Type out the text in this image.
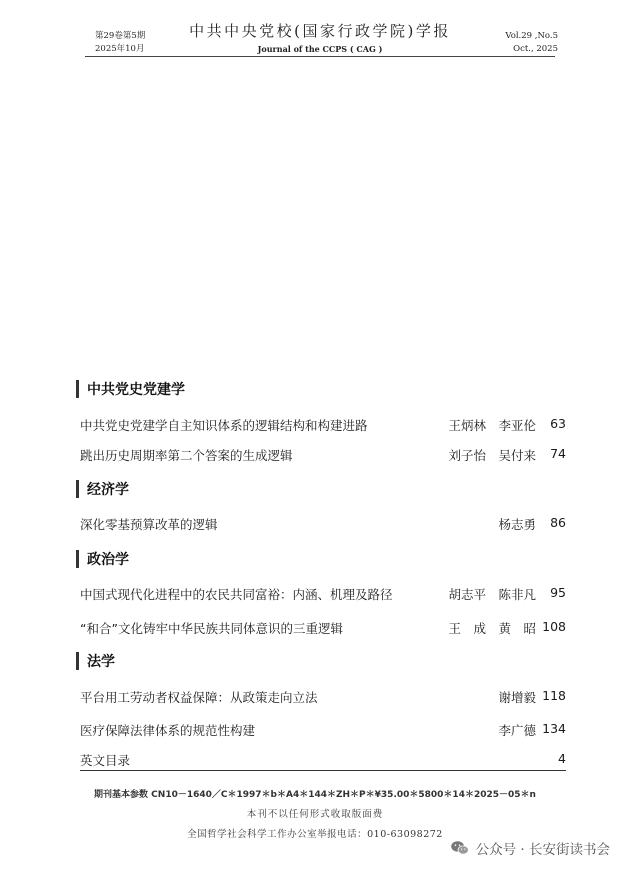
第29卷第5期
2025年10月
中共中央党校(国家行政学院)学报
Journal of the CCPS ( CAG )
Vol.29 ,No.5
Oct., 2025
中共党史党建学
中共党史党建学自主知识体系的逻辑结构和构建进路	王炳林　李亚伦 63
跳出历史周期率第二个答案的生成逻辑	刘子怡　吴付来 74
经济学
深化零基预算改革的逻辑	杨志勇 86
政治学
中国式现代化进程中的农民共同富裕：内涵、机理及路径	胡志平　陈非凡 95
“和合”文化铸牢中华民族共同体意识的三重逻辑	王　成　黄　昭 108
法学
平台用工劳动者权益保障：从政策走向立法	谢增毅 118
医疗保障法律体系的规范性构建	李广德 134
英文目录	4
期刊基本参数 CN10－1640／C＊1997＊b＊A4＊144＊ZH＊P＊¥35.00＊5800＊14＊2025－05＊n
本刊不以任何形式收取版面费
全国哲学社会科学工作办公室举报电话：010-63098272
公众号 · 长安街读书会
